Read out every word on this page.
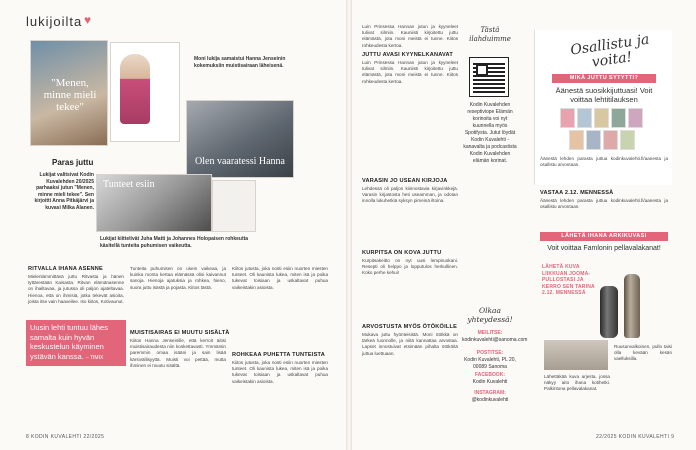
lukijoilta ♥
"Menen, minne mieli tekee"
Olen vaaratessi Hanna
Tunteet esiin
Moni lukija samaistui Hanna Jenseinin kokemuksiin muistisairaan läheisenä.
Paras juttu
Lukijat valitsivat Kodin Kuvalehden 20/2025 parhaaksi jutun "Menen, minne mieli tekee". Sen kirjoitti Anna Pitkäjärvi ja kuvasi Milka Alanen.
Lukijat kiittelivät Juha Matti ja Johannes Holopaisen rohkeutta käsitellä tunteita puhumisen vaikeutta.
RITVALLA IHANA ASENNE
Mielenlämmittävä juttu Ritvasta ja hänen tyttärestään Kaisasta. Ritvan elämänasenne on ihailtavaa, ja jutussa oli paljon ajateltavaa. Hienoa, että on ihmisiä, jotka tekevät asioita, joista itse vain haaveilee. Iso kiitos, Kotivaunut.
Uusin lehti tuntuu lähes samalta kuin hyvän keskustelun käyminen ystävän kanssa. – TIMIX
Tunteita puhumisen on usein vaikeaa, ja kuinka monta kertaa elämässä olisi kaivannut sanoja. Hienoja ajatuksia ja rohkea, hieno, suora juttu isästä ja pojasta. Kiitos tästä.
MUISTISAIRAS EI MUUTU SISÄLTÄ
Kiitos Hanna Jenseinille, että kerroit äitisi muistisairaudesta niin koskettavasti. Ymmärsin paremmin omaa isääni ja sain lisää kärsivällisyyttä. Muisti voi pettää, mutta ihminen ei muutu sisältä.
Kiitos jutusta, joka nosti esiin nuorten miesten tunteet. Oli kaunista lukea, miten isä ja poika tukevat toisiaan ja uskaltavat puhua vaikeistakin asioista.
ROHKEAA PUHETTA TUNTEISTA
Kiitos jutusta, joka nosti esiin nuorten miesten tunteet. Oli kaunista lukea, miten isä ja poika tukevat toisiaan ja uskaltavat puhua vaikeistakin asioista.
8 KODIN KUVALEHTI 22/2025
Luin Prinsessa Hannan jutun ja kyyneleet tulivat silmiin. Kauniisti kirjoitettu juttu elämästä, jota moni meistä ei tunne. Kiitos rohkeudesta kertoa.
JUTTU AVASI KYYNELKANAVAT
Luin Prinsessa Hannan jutun ja kyyneleet tulivat silmiin. Kauniisti kirjoitettu juttu elämästä, jota moni meistä ei tunne. Kiitos rohkeudesta kertoa.
VARASIN JO USEAN KIRJOJA
Lehdessä oli paljon kiinnostavia kirjavinkkejä. Varasin kirjastosta heti useamman, ja odotan innolla lukuhetkiä syksyn pimeinä iltoina.
KURPITSA ON KOVA JUTTU
Kurpitsakeitto on nyt uusi lempiruokani. Resepti oli helppo ja lopputulos herkullinen. Koko perhe kehui!
ARVOSTUSTA MYÖS ÖTÖKÖILLE
Mukava juttu hyönteisistä. Moni ötökkä on tärkeä luonnolle, ja niitä kannattaa arvostaa. Lapset innostuivat etsimään pihalta ötököitä juttua luettuaan.
Tästä ilahduimme
Kodin Kuvalehden reseptiviope Elämän korinoita voi nyt kuunnella myös Spotifysta. Jutut löydät Kodin Kuvalehti -kanavalta ja podcastista Kodin Kuvalehden elämän korinat.
Olkaa yhteydessä!
MEILITSE:
kodinkuvalehti@sanoma.com
POSTITSE:
Kodin Kuvalehti, PL 20, 00089 Sanoma
FACEBOOK:
Kodin Kuvalehti
INSTAGRAM:
@kodinkuvalehti
Osallistu ja voita!
MIKÄ JUTTU SYTYTTI?
Äänestä suosikkijuttuasi! Voit voittaa lehtitilauksen
Äänestä lehden parasta juttua kodinkuvalehti.fi/aanesta ja osallistu arvontaan.
VASTAA 2.12. MENNESSÄ
Äänestä lehden parasta juttua kodinkuvalehti.fi/aanesta ja osallistu arvontaan.
LÄHETÄ IHANA ARKIKUVASI
Voit voittaa Famlonin pellavalakanat!
LÄHETÄ KUVA LIIKKUAN JOOMA-PULLOSTASI JA KERRO SEN TARINA 2.12. MENNESSÄ
Ruusunvalkoinen, pullo taisi olla kevään kesän vaelluksilla.
Lähettäkää kuva arjesta, jossa näkyy aito ihana kotihetki. Palkintona pellavalakanat.
22/2025 KODIN KUVALEHTI 9
